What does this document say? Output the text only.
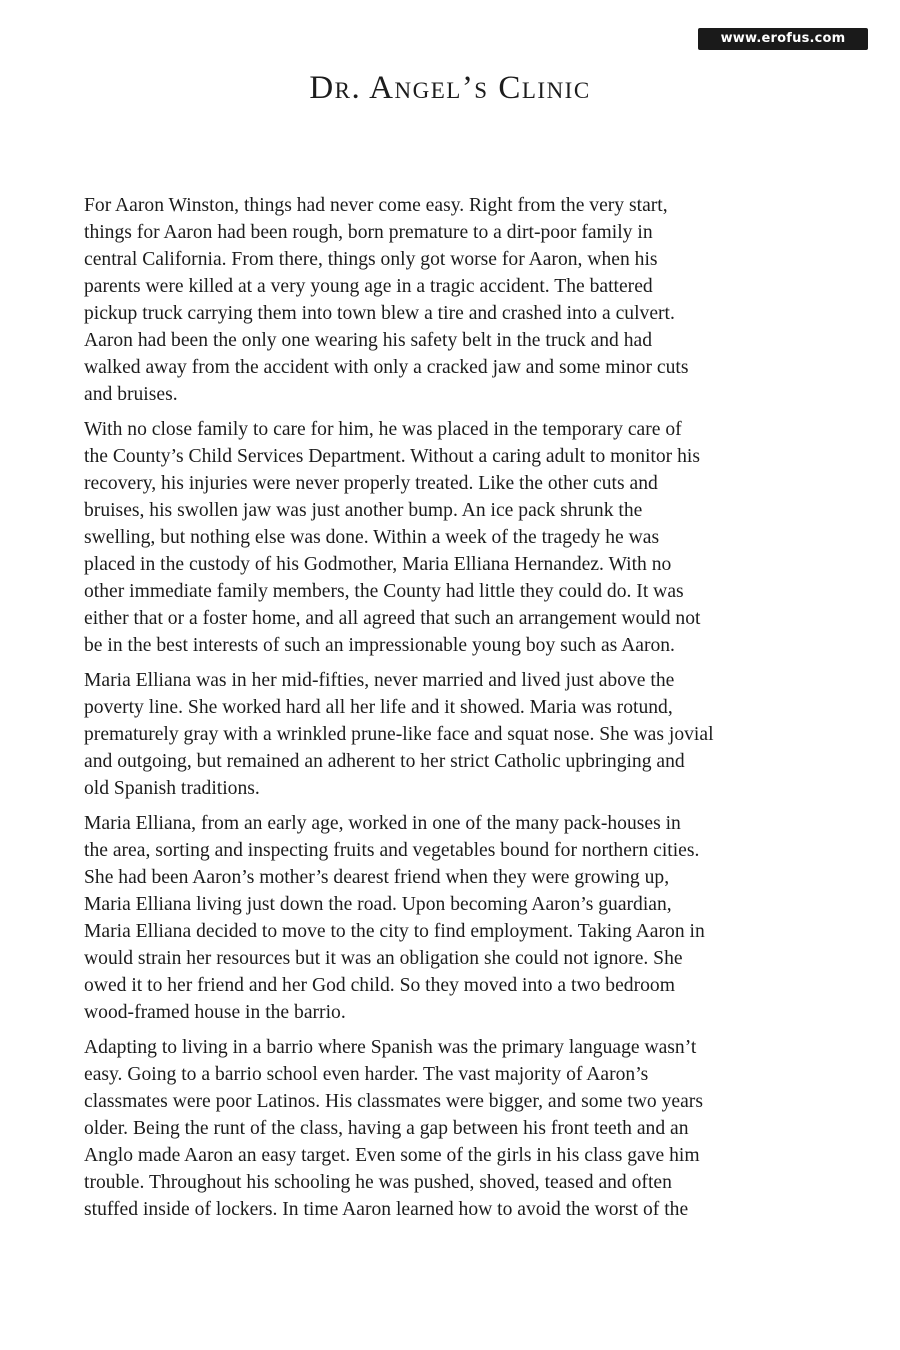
www.erofus.com
Dr. Angel’s Clinic

For Aaron Winston, things had never come easy. Right from the very start,
things for Aaron had been rough, born premature to a dirt-poor family in
central California. From there, things only got worse for Aaron, when his
parents were killed at a very young age in a tragic accident. The battered
pickup truck carrying them into town blew a tire and crashed into a culvert.
Aaron had been the only one wearing his safety belt in the truck and had
walked away from the accident with only a cracked jaw and some minor cuts
and bruises.

With no close family to care for him, he was placed in the temporary care of
the County’s Child Services Department. Without a caring adult to monitor his
recovery, his injuries were never properly treated. Like the other cuts and
bruises, his swollen jaw was just another bump. An ice pack shrunk the
swelling, but nothing else was done. Within a week of the tragedy he was
placed in the custody of his Godmother, Maria Elliana Hernandez. With no
other immediate family members, the County had little they could do. It was
either that or a foster home, and all agreed that such an arrangement would not
be in the best interests of such an impressionable young boy such as Aaron.

Maria Elliana was in her mid-fifties, never married and lived just above the
poverty line. She worked hard all her life and it showed. Maria was rotund,
prematurely gray with a wrinkled prune-like face and squat nose. She was jovial
and outgoing, but remained an adherent to her strict Catholic upbringing and
old Spanish traditions.

Maria Elliana, from an early age, worked in one of the many pack-houses in
the area, sorting and inspecting fruits and vegetables bound for northern cities.
She had been Aaron’s mother’s dearest friend when they were growing up,
Maria Elliana living just down the road. Upon becoming Aaron’s guardian,
Maria Elliana decided to move to the city to find employment. Taking Aaron in
would strain her resources but it was an obligation she could not ignore. She
owed it to her friend and her God child. So they moved into a two bedroom
wood-framed house in the barrio.

Adapting to living in a barrio where Spanish was the primary language wasn’t
easy. Going to a barrio school even harder. The vast majority of Aaron’s
classmates were poor Latinos. His classmates were bigger, and some two years
older. Being the runt of the class, having a gap between his front teeth and an
Anglo made Aaron an easy target. Even some of the girls in his class gave him
trouble. Throughout his schooling he was pushed, shoved, teased and often
stuffed inside of lockers. In time Aaron learned how to avoid the worst of the
